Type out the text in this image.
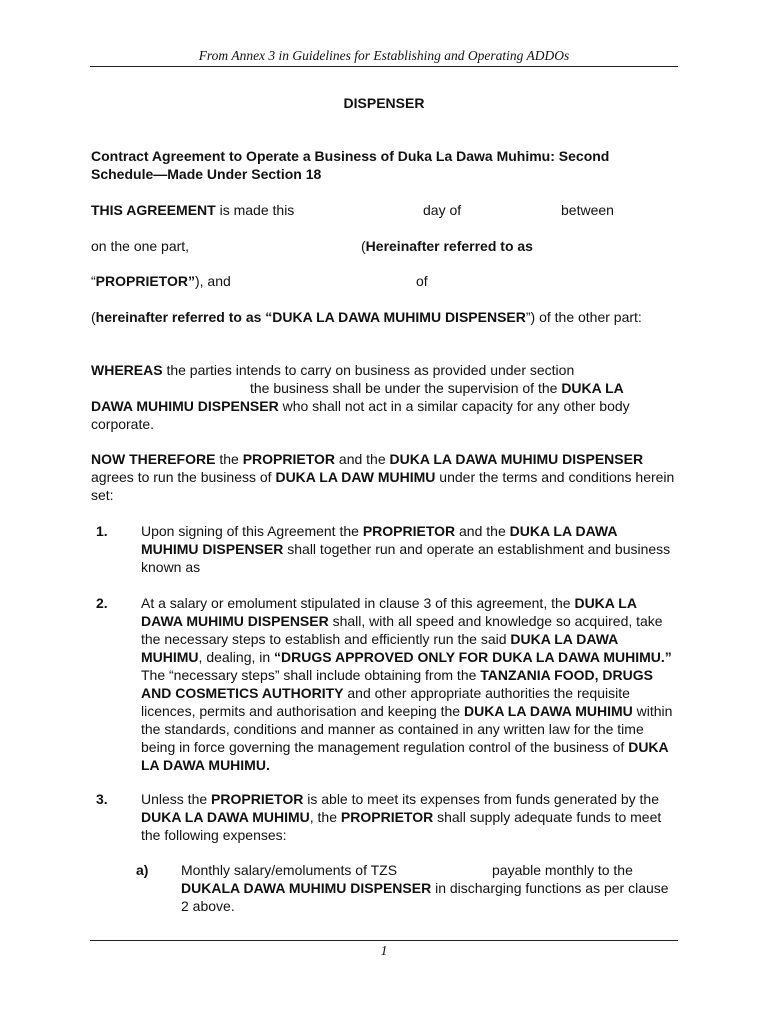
From Annex 3 in Guidelines for Establishing and Operating ADDOs
DISPENSER
Contract Agreement to Operate a Business of Duka La Dawa Muhimu: Second Schedule—Made Under Section 18
THIS AGREEMENT is made this	day of	between
on the one part,	(Hereinafter referred to as
“PROPRIETOR”), and	of
(hereinafter referred to as “DUKA LA DAWA MUHIMU DISPENSER”) of the other part:
WHEREAS the parties intends to carry on business as provided under section
the business shall be under the supervision of the DUKA LA
DAWA MUHIMU DISPENSER who shall not act in a similar capacity for any other body corporate.
NOW THEREFORE the PROPRIETOR and the DUKA LA DAWA MUHIMU DISPENSER agrees to run the business of DUKA LA DAW MUHIMU under the terms and conditions herein set:
1. Upon signing of this Agreement the PROPRIETOR and the DUKA LA DAWA MUHIMU DISPENSER shall together run and operate an establishment and business known as
2. At a salary or emolument stipulated in clause 3 of this agreement, the DUKA LA DAWA MUHIMU DISPENSER shall, with all speed and knowledge so acquired, take the necessary steps to establish and efficiently run the said DUKA LA DAWA MUHIMU, dealing, in “DRUGS APPROVED ONLY FOR DUKA LA DAWA MUHIMU.” The “necessary steps” shall include obtaining from the TANZANIA FOOD, DRUGS AND COSMETICS AUTHORITY and other appropriate authorities the requisite licences, permits and authorisation and keeping the DUKA LA DAWA MUHIMU within the standards, conditions and manner as contained in any written law for the time being in force governing the management regulation control of the business of DUKA LA DAWA MUHIMU.
3. Unless the PROPRIETOR is able to meet its expenses from funds generated by the DUKA LA DAWA MUHIMU, the PROPRIETOR shall supply adequate funds to meet the following expenses:
a) Monthly salary/emoluments of TZS	payable monthly to the
DUKALA DAWA MUHIMU DISPENSER in discharging functions as per clause 2 above.
1
